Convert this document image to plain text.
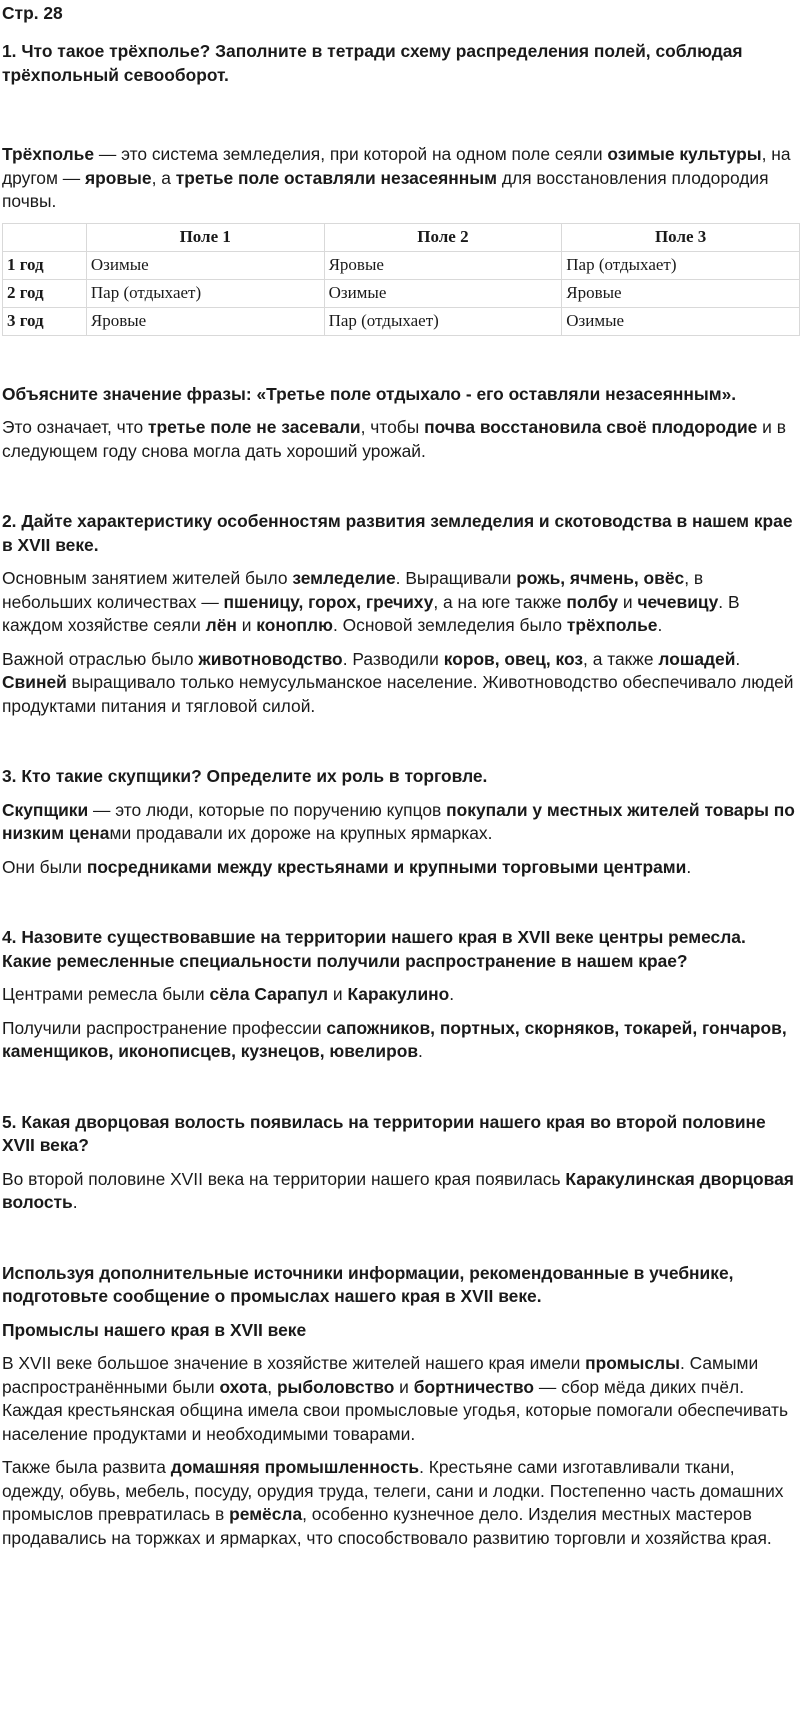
Стр. 28

1. Что такое трёхполье? Заполните в тетради схему распределения полей, соблюдая трёхпольный севооборот.

Трёхполье — это система земледелия, при которой на одном поле сеяли озимые культуры, на другом — яровые, а третье поле оставляли незасеянным для восстановления плодородия почвы.

	Поле 1	Поле 2	Поле 3
1 год	Озимые	Яровые	Пар (отдыхает)
2 год	Пар (отдыхает)	Озимые	Яровые
3 год	Яровые	Пар (отдыхает)	Озимые

Объясните значение фразы: «Третье поле отдыхало - его оставляли незасеянным».

Это означает, что третье поле не засевали, чтобы почва восстановила своё плодородие и в следующем году снова могла дать хороший урожай.

2. Дайте характеристику особенностям развития земледелия и скотоводства в нашем крае в XVII веке.

Основным занятием жителей было земледелие. Выращивали рожь, ячмень, овёс, в небольших количествах — пшеницу, горох, гречиху, а на юге также полбу и чечевицу. В каждом хозяйстве сеяли лён и коноплю. Основой земледелия было трёхполье.

Важной отраслью было животноводство. Разводили коров, овец, коз, а также лошадей. Свиней выращивало только немусульманское население. Животноводство обеспечивало людей продуктами питания и тягловой силой.

3. Кто такие скупщики? Определите их роль в торговле.

Скупщики — это люди, которые по поручению купцов покупали у местных жителей товары по низким ценами продавали их дороже на крупных ярмарках.

Они были посредниками между крестьянами и крупными торговыми центрами.

4. Назовите существовавшие на территории нашего края в XVII веке центры ремесла. Какие ремесленные специальности получили распространение в нашем крае?

Центрами ремесла были сёла Сарапул и Каракулино.

Получили распространение профессии сапожников, портных, скорняков, токарей, гончаров, каменщиков, иконописцев, кузнецов, ювелиров.

5. Какая дворцовая волость появилась на территории нашего края во второй половине XVII века?

Во второй половине XVII века на территории нашего края появилась Каракулинская дворцовая волость.

Используя дополнительные источники информации, рекомендованные в учебнике, подготовьте сообщение о промыслах нашего края в XVII веке.

Промыслы нашего края в XVII веке

В XVII веке большое значение в хозяйстве жителей нашего края имели промыслы. Самыми распространёнными были охота, рыболовство и бортничество — сбор мёда диких пчёл. Каждая крестьянская община имела свои промысловые угодья, которые помогали обеспечивать население продуктами и необходимыми товарами.

Также была развита домашняя промышленность. Крестьяне сами изготавливали ткани, одежду, обувь, мебель, посуду, орудия труда, телеги, сани и лодки. Постепенно часть домашних промыслов превратилась в ремёсла, особенно кузнечное дело. Изделия местных мастеров продавались на торжках и ярмарках, что способствовало развитию торговли и хозяйства края.
